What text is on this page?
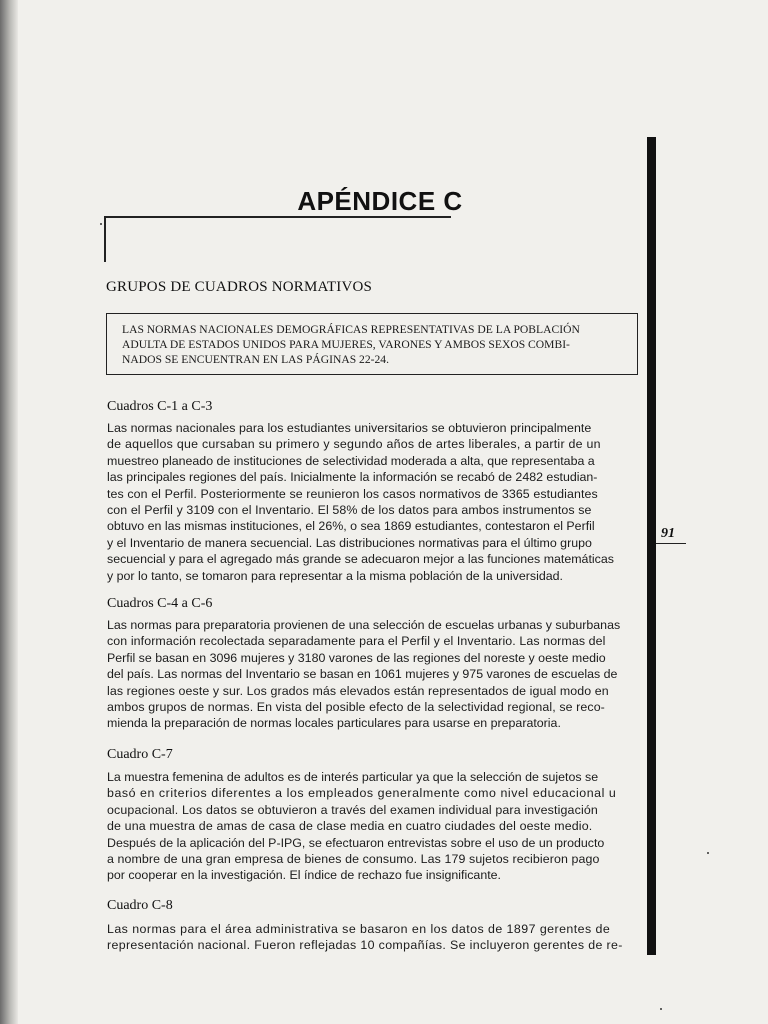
APÉNDICE C
GRUPOS DE CUADROS NORMATIVOS
LAS NORMAS NACIONALES DEMOGRÁFICAS REPRESENTATIVAS DE LA POBLACIÓN
ADULTA DE ESTADOS UNIDOS PARA MUJERES, VARONES Y AMBOS SEXOS COMBI-
NADOS SE ENCUENTRAN EN LAS PÁGINAS 22-24.
Cuadros C-1 a C-3
Las normas nacionales para los estudiantes universitarios se obtuvieron principalmente
de aquellos que cursaban su primero y segundo años de artes liberales, a partir de un
muestreo planeado de instituciones de selectividad moderada a alta, que representaba a
las principales regiones del país. Inicialmente la información se recabó de 2482 estudian-
tes con el Perfil. Posteriormente se reunieron los casos normativos de 3365 estudiantes
con el Perfil y 3109 con el Inventario. El 58% de los datos para ambos instrumentos se
obtuvo en las mismas instituciones, el 26%, o sea 1869 estudiantes, contestaron el Perfil
y el Inventario de manera secuencial. Las distribuciones normativas para el último grupo
secuencial y para el agregado más grande se adecuaron mejor a las funciones matemáticas
y por lo tanto, se tomaron para representar a la misma población de la universidad.
Cuadros C-4 a C-6
Las normas para preparatoria provienen de una selección de escuelas urbanas y suburbanas
con información recolectada separadamente para el Perfil y el Inventario. Las normas del
Perfil se basan en 3096 mujeres y 3180 varones de las regiones del noreste y oeste medio
del país. Las normas del Inventario se basan en 1061 mujeres y 975 varones de escuelas de
las regiones oeste y sur. Los grados más elevados están representados de igual modo en
ambos grupos de normas. En vista del posible efecto de la selectividad regional, se reco-
mienda la preparación de normas locales particulares para usarse en preparatoria.
Cuadro C-7
La muestra femenina de adultos es de interés particular ya que la selección de sujetos se
basó en criterios diferentes a los empleados generalmente como nivel educacional u
ocupacional. Los datos se obtuvieron a través del examen individual para investigación
de una muestra de amas de casa de clase media en cuatro ciudades del oeste medio.
Después de la aplicación del P-IPG, se efectuaron entrevistas sobre el uso de un producto
a nombre de una gran empresa de bienes de consumo. Las 179 sujetos recibieron pago
por cooperar en la investigación. El índice de rechazo fue insignificante.
Cuadro C-8
Las normas para el área administrativa se basaron en los datos de 1897 gerentes de
representación nacional. Fueron reflejadas 10 compañías. Se incluyeron gerentes de re-
91
